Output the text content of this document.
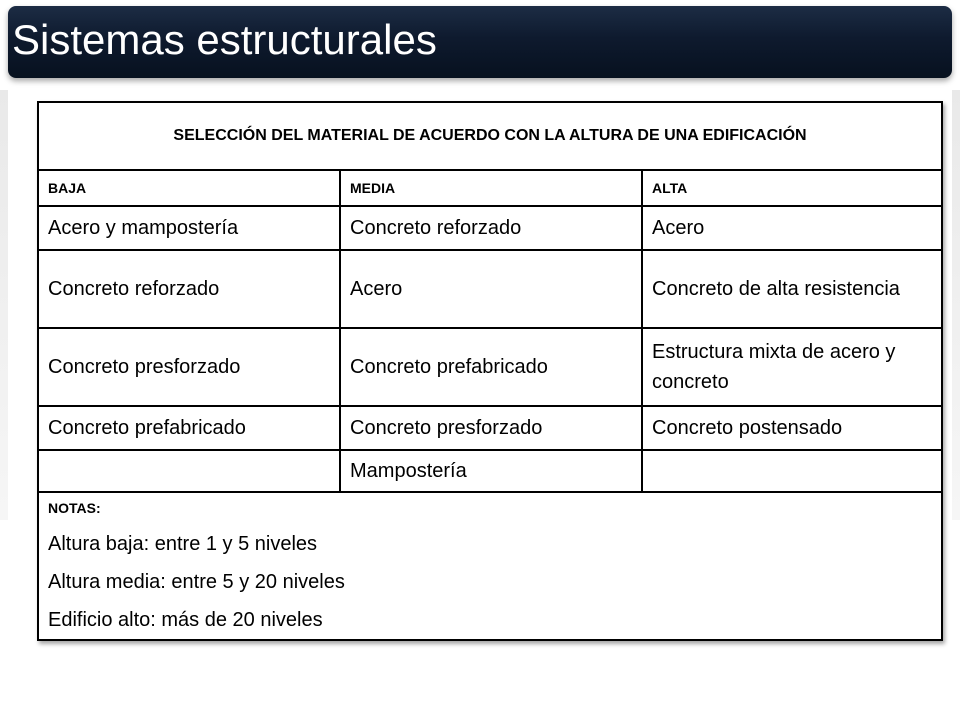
Sistemas estructurales
SELECCIÓN DEL MATERIAL DE ACUERDO CON LA ALTURA DE UNA EDIFICACIÓN		
BAJA	MEDIA	ALTA
Acero y mampostería	Concreto reforzado	Acero
Concreto reforzado	Acero	Concreto de alta resistencia
Concreto presforzado	Concreto prefabricado	Estructura mixta de acero y concreto
Concreto prefabricado	Concreto presforzado	Concreto postensado
	Mampostería	

NOTAS:
Altura baja: entre 1 y 5 niveles
Altura media: entre 5 y 20 niveles
Edificio alto: más de 20 niveles		
